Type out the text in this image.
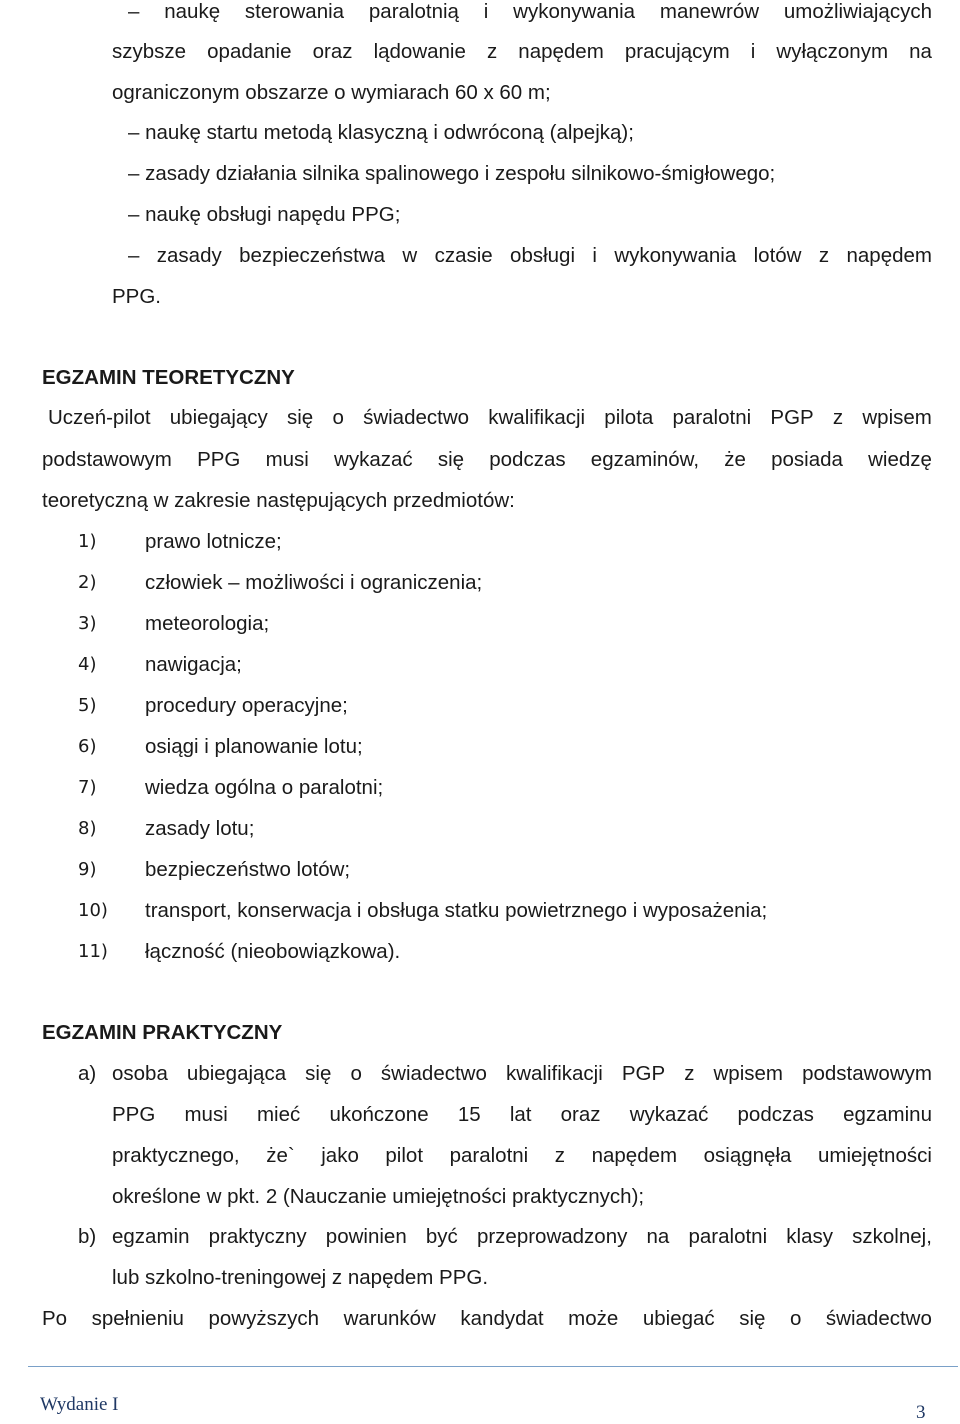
– naukę sterowania paralotnią i wykonywania manewrów umożliwiających
szybsze opadanie oraz lądowanie z napędem pracującym i wyłączonym na
ograniczonym obszarze o wymiarach 60 x 60 m;
– naukę startu metodą klasyczną i odwróconą (alpejką);
– zasady działania silnika spalinowego i zespołu silnikowo-śmigłowego;
– naukę obsługi napędu PPG;
– zasady bezpieczeństwa w czasie obsługi i wykonywania lotów z napędem
PPG.
EGZAMIN TEORETYCZNY
Uczeń-pilot ubiegający się o świadectwo kwalifikacji pilota paralotni PGP z wpisem
podstawowym PPG musi wykazać się podczas egzaminów, że posiada wiedzę
teoretyczną w zakresie następujących przedmiotów:
1) prawo lotnicze;
2) człowiek – możliwości i ograniczenia;
3) meteorologia;
4) nawigacja;
5) procedury operacyjne;
6) osiągi i planowanie lotu;
7) wiedza ogólna o paralotni;
8) zasady lotu;
9) bezpieczeństwo lotów;
10) transport, konserwacja i obsługa statku powietrznego i wyposażenia;
11) łączność (nieobowiązkowa).
EGZAMIN PRAKTYCZNY
a) osoba ubiegająca się o świadectwo kwalifikacji PGP z wpisem podstawowym
PPG musi mieć ukończone 15 lat oraz wykazać podczas egzaminu
praktycznego, że` jako pilot paralotni z napędem osiągnęła umiejętności
określone w pkt. 2 (Nauczanie umiejętności praktycznych);
b) egzamin praktyczny powinien być przeprowadzony na paralotni klasy szkolnej,
lub szkolno-treningowej z napędem PPG.
Po spełnieniu powyższych warunków kandydat może ubiegać się o świadectwo
Wydanie I	3
